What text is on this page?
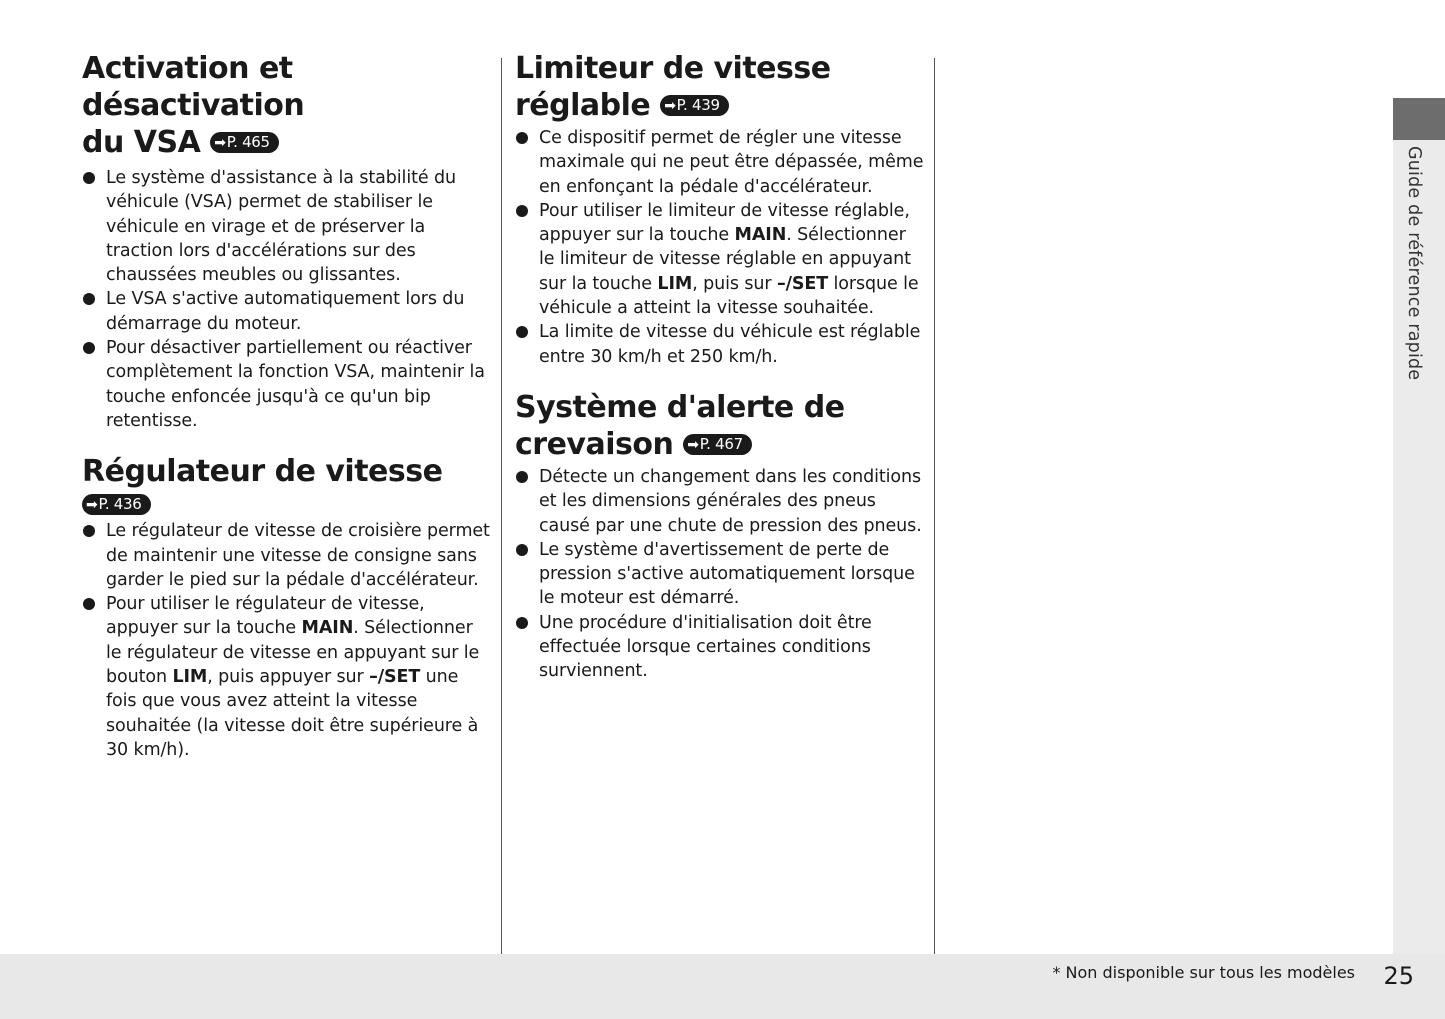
Activation et désactivation
du VSA ➡P. 465
Le système d'assistance à la stabilité du véhicule (VSA) permet de stabiliser le véhicule en virage et de préserver la traction lors d'accélérations sur des chaussées meubles ou glissantes.
Le VSA s'active automatiquement lors du démarrage du moteur.
Pour désactiver partiellement ou réactiver complètement la fonction VSA, maintenir la touche enfoncée jusqu'à ce qu'un bip retentisse.
Régulateur de vitesse
➡P. 436
Le régulateur de vitesse de croisière permet de maintenir une vitesse de consigne sans garder le pied sur la pédale d'accélérateur.
Pour utiliser le régulateur de vitesse, appuyer sur la touche MAIN. Sélectionner le régulateur de vitesse en appuyant sur le bouton LIM, puis appuyer sur –/SET une fois que vous avez atteint la vitesse souhaitée (la vitesse doit être supérieure à 30 km/h).
Limiteur de vitesse
réglable ➡P. 439
Ce dispositif permet de régler une vitesse maximale qui ne peut être dépassée, même en enfonçant la pédale d'accélérateur.
Pour utiliser le limiteur de vitesse réglable, appuyer sur la touche MAIN. Sélectionner le limiteur de vitesse réglable en appuyant sur la touche LIM, puis sur –/SET lorsque le véhicule a atteint la vitesse souhaitée.
La limite de vitesse du véhicule est réglable entre 30 km/h et 250 km/h.
Système d'alerte de
crevaison ➡P. 467
Détecte un changement dans les conditions et les dimensions générales des pneus causé par une chute de pression des pneus.
Le système d'avertissement de perte de pression s'active automatiquement lorsque le moteur est démarré.
Une procédure d'initialisation doit être effectuée lorsque certaines conditions surviennent.
Guide de référence rapide
* Non disponible sur tous les modèles 25
